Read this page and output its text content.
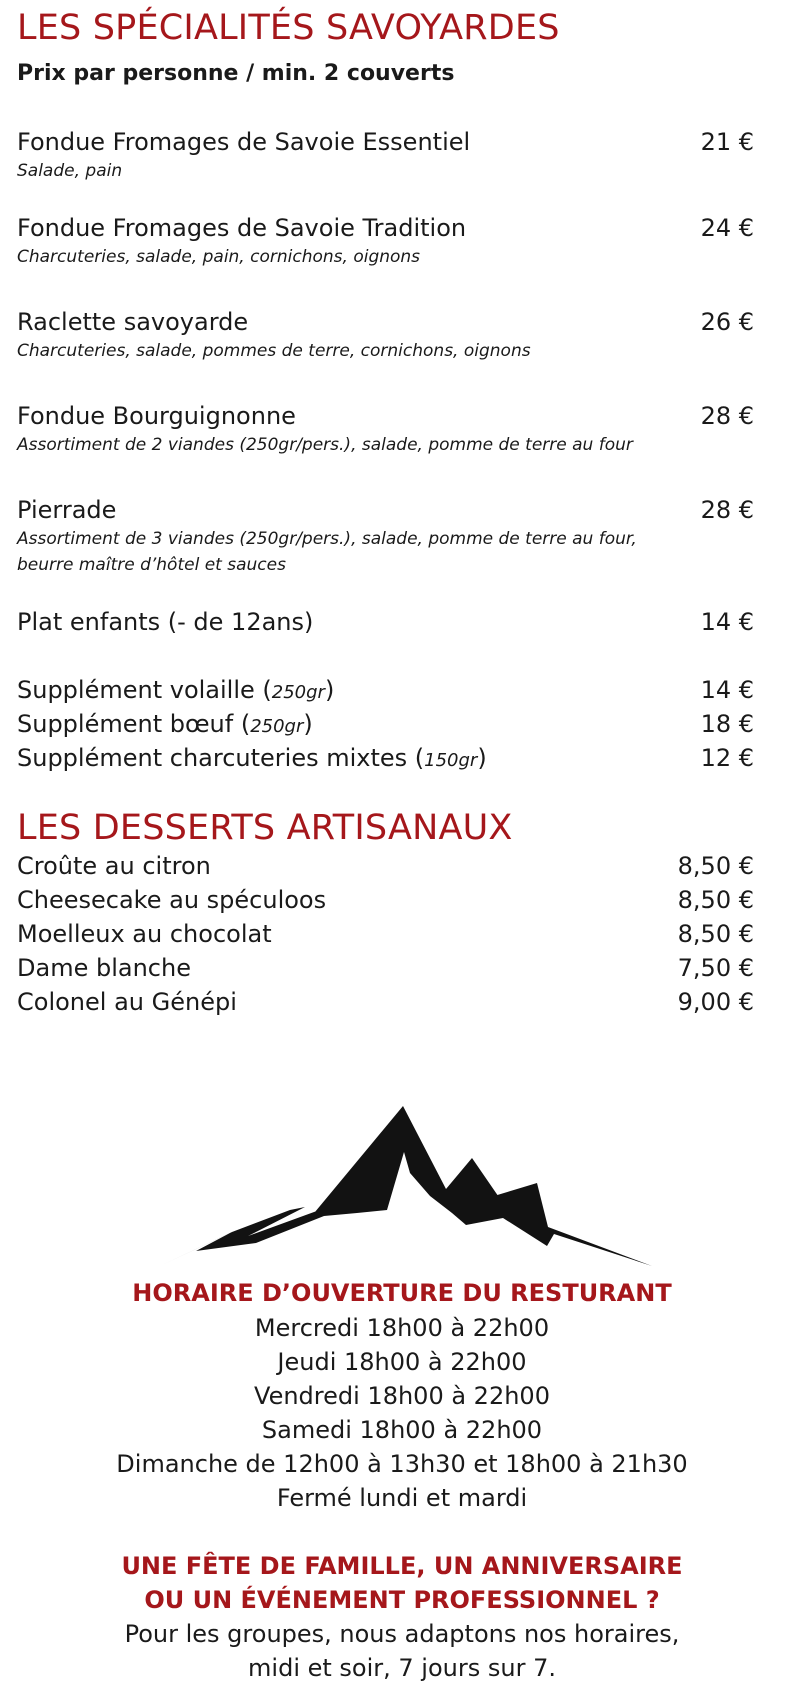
LES SPÉCIALITÉS SAVOYARDES
Prix par personne / min. 2 couverts
Fondue Fromages de Savoie Essentiel	21 €
Salade, pain
Fondue Fromages de Savoie Tradition	24 €
Charcuteries, salade, pain, cornichons, oignons
Raclette savoyarde	26 €
Charcuteries, salade, pommes de terre, cornichons, oignons
Fondue Bourguignonne	28 €
Assortiment de 2 viandes (250gr/pers.), salade, pomme de terre au four
Pierrade	28 €
Assortiment de 3 viandes (250gr/pers.), salade, pomme de terre au four,
beurre maître d’hôtel et sauces
Plat enfants (- de 12ans)	14 €
Supplément volaille (250gr)	14 €
Supplément bœuf (250gr)	18 €
Supplément charcuteries mixtes (150gr)	12 €
LES DESSERTS ARTISANAUX
Croûte au citron	8,50 €
Cheesecake au spéculoos	8,50 €
Moelleux au chocolat	8,50 €
Dame blanche	7,50 €
Colonel au Génépi	9,00 €
HORAIRE D’OUVERTURE DU RESTURANT
Mercredi 18h00 à 22h00
Jeudi 18h00 à 22h00
Vendredi 18h00 à 22h00
Samedi 18h00 à 22h00
Dimanche de 12h00 à 13h30 et 18h00 à 21h30
Fermé lundi et mardi
UNE FÊTE DE FAMILLE, UN ANNIVERSAIRE
OU UN ÉVÉNEMENT PROFESSIONNEL ?
Pour les groupes, nous adaptons nos horaires,
midi et soir, 7 jours sur 7.
